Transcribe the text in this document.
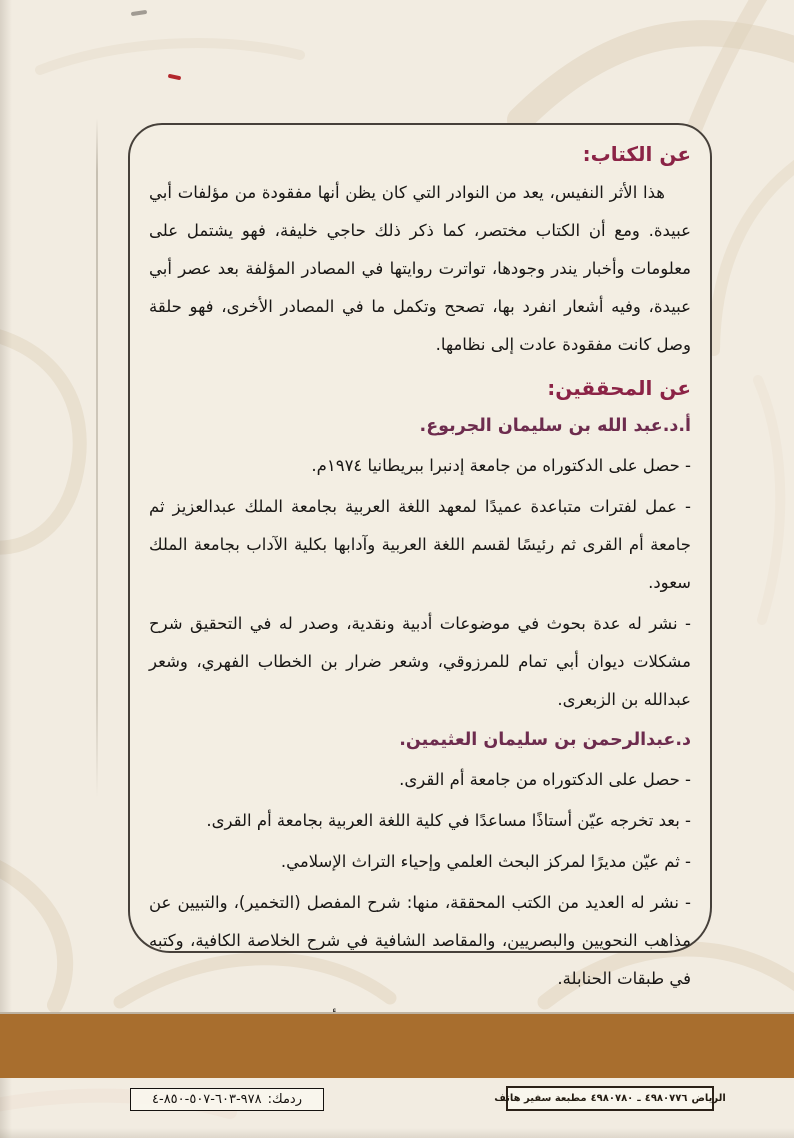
عن الكتاب:

هذا الأثر النفيس، يعد من النوادر التي كان يظن أنها مفقودة من مؤلفات أبي عبيدة. ومع أن الكتاب مختصر، كما ذكر ذلك حاجي خليفة، فهو يشتمل على معلومات وأخبار يندر وجودها، تواترت روايتها في المصادر المؤلفة بعد عصر أبي عبيدة، وفيه أشعار انفرد بها، تصحح وتكمل ما في المصادر الأخرى، فهو حلقة وصل كانت مفقودة عادت إلى نظامها.

عن المحققين:

أ.د.عبد الله بن سليمان الجربوع.

- حصل على الدكتوراه من جامعة إدنبرا ببريطانيا ١٩٧٤م.

- عمل لفترات متباعدة عميدًا لمعهد اللغة العربية بجامعة الملك عبدالعزيز ثم جامعة أم القرى ثم رئيسًا لقسم اللغة العربية وآدابها بكلية الآداب بجامعة الملك سعود.

- نشر له عدة بحوث في موضوعات أدبية ونقدية، وصدر له في التحقيق شرح مشكلات ديوان أبي تمام للمرزوقي، وشعر ضرار بن الخطاب الفهري، وشعر عبدالله بن الزبعرى.

د.عبدالرحمن بن سليمان العثيمين.

- حصل على الدكتوراه من جامعة أم القرى.

- بعد تخرجه عيّن أستاذًا مساعدًا في كلية اللغة العربية بجامعة أم القرى.

- ثم عيّن مديرًا لمركز البحث العلمي وإحياء التراث الإسلامي.

- نشر له العديد من الكتب المحققة، منها: شرح المفصل (التخمير)، والتبيين عن مذاهب النحويين والبصريين، والمقاصد الشافية في شرح الخلاصة الكافية، وكتبه في طبقات الحنابلة.

٩٧٨-٦٠٣-٥٠٧-٨٥٠-٤ ردمك:	مطبعة سفير هاتف ٤٩٨٠٧٨٠ ـ ٤٩٨٠٧٧٦ الرياض
